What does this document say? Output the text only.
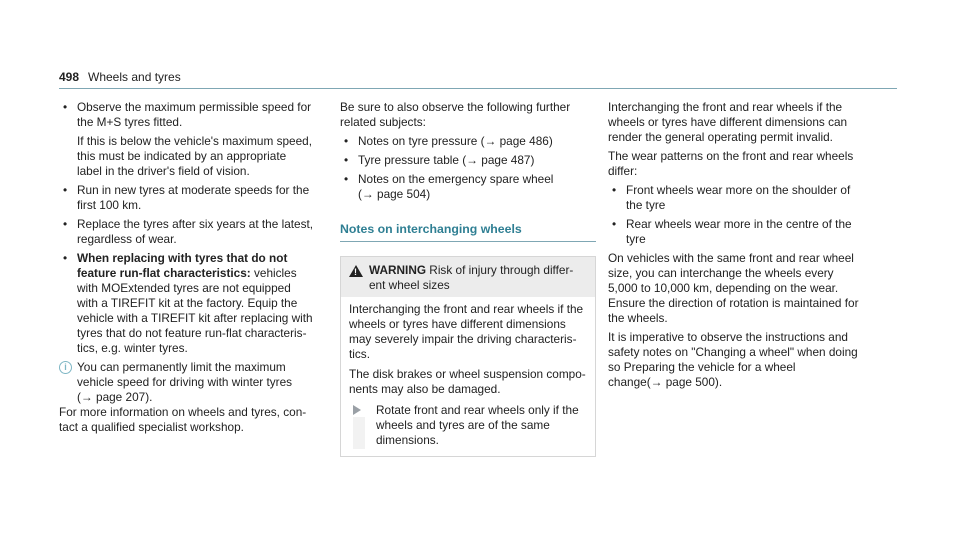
498 Wheels and tyres

• Observe the maximum permissible speed for

the M+S tyres fitted.

If this is below the vehicle's maximum speed,

this must be indicated by an appropriate

label in the driver's field of vision.

• Run in new tyres at moderate speeds for the

first 100 km.

• Replace the tyres after six years at the latest,

regardless of wear.

• When replacing with tyres that do not

feature run-flat characteristics: vehicles

with MOExtended tyres are not equipped

with a TIREFIT kit at the factory. Equip the

vehicle with a TIREFIT kit after replacing with

tyres that do not feature run-flat characteris-

tics, e.g. winter tyres.

i You can permanently limit the maximum

vehicle speed for driving with winter tyres

(→ page 207).

For more information on wheels and tyres, con-

tact a qualified specialist workshop.

Be sure to also observe the following further

related subjects:

• Notes on tyre pressure (→ page 486)

• Tyre pressure table (→ page 487)

• Notes on the emergency spare wheel

(→ page 504)

Notes on interchanging wheels
! WARNING Risk of injury through differ-

ent wheel sizes

Interchanging the front and rear wheels if the

wheels or tyres have different dimensions

may severely impair the driving characteris-

tics.

The disk brakes or wheel suspension compo-

nents may also be damaged.

Rotate front and rear wheels only if the

wheels and tyres are of the same

dimensions.

Interchanging the front and rear wheels if the

wheels or tyres have different dimensions can

render the general operating permit invalid.

The wear patterns on the front and rear wheels

differ:

• Front wheels wear more on the shoulder of

the tyre

• Rear wheels wear more in the centre of the

tyre

On vehicles with the same front and rear wheel

size, you can interchange the wheels every

5,000 to 10,000 km, depending on the wear.

Ensure the direction of rotation is maintained for

the wheels.

It is imperative to observe the instructions and

safety notes on "Changing a wheel" when doing

so Preparing the vehicle for a wheel

change(→ page 500).
